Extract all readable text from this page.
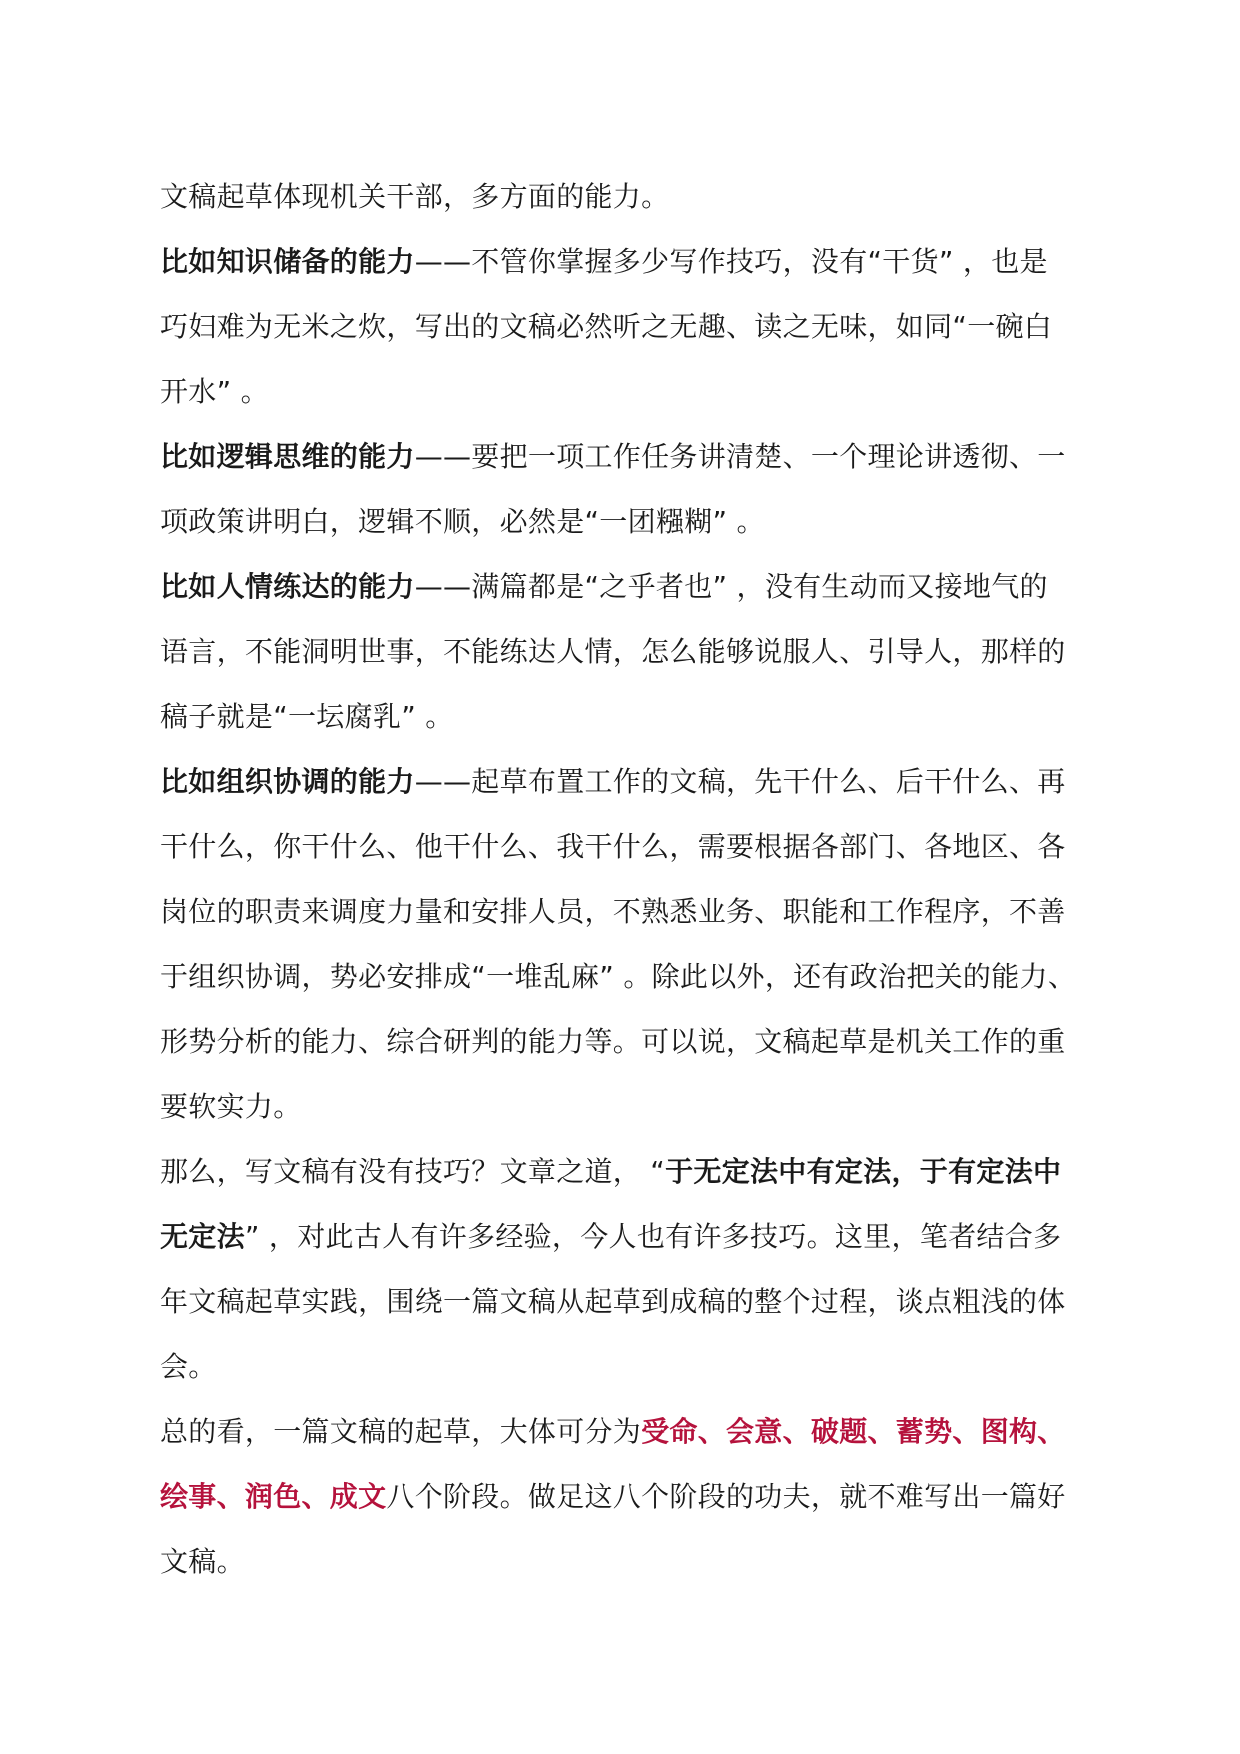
文稿起草体现机关干部，多方面的能力。

比如知识储备的能力——不管你掌握多少写作技巧，没有“干货” ，也是

巧妇难为无米之炊，写出的文稿必然听之无趣、读之无味，如同“一碗白

开水” 。

比如逻辑思维的能力——要把一项工作任务讲清楚、一个理论讲透彻、一

项政策讲明白，逻辑不顺，必然是“一团糨糊” 。

比如人情练达的能力——满篇都是“之乎者也” ，没有生动而又接地气的

语言，不能洞明世事，不能练达人情，怎么能够说服人、引导人，那样的

稿子就是“一坛腐乳” 。

比如组织协调的能力——起草布置工作的文稿，先干什么、后干什么、再

干什么，你干什么、他干什么、我干什么，需要根据各部门、各地区、各

岗位的职责来调度力量和安排人员，不熟悉业务、职能和工作程序，不善

于组织协调，势必安排成“一堆乱麻” 。除此以外，还有政治把关的能力、

形势分析的能力、综合研判的能力等。可以说，文稿起草是机关工作的重

要软实力。

那么，写文稿有没有技巧？文章之道， “于无定法中有定法，于有定法中

无定法” ，对此古人有许多经验，今人也有许多技巧。这里，笔者结合多

年文稿起草实践，围绕一篇文稿从起草到成稿的整个过程，谈点粗浅的体

会。

总的看，一篇文稿的起草，大体可分为受命、会意、破题、蓄势、图构、

绘事、润色、成文八个阶段。做足这八个阶段的功夫，就不难写出一篇好

文稿。
